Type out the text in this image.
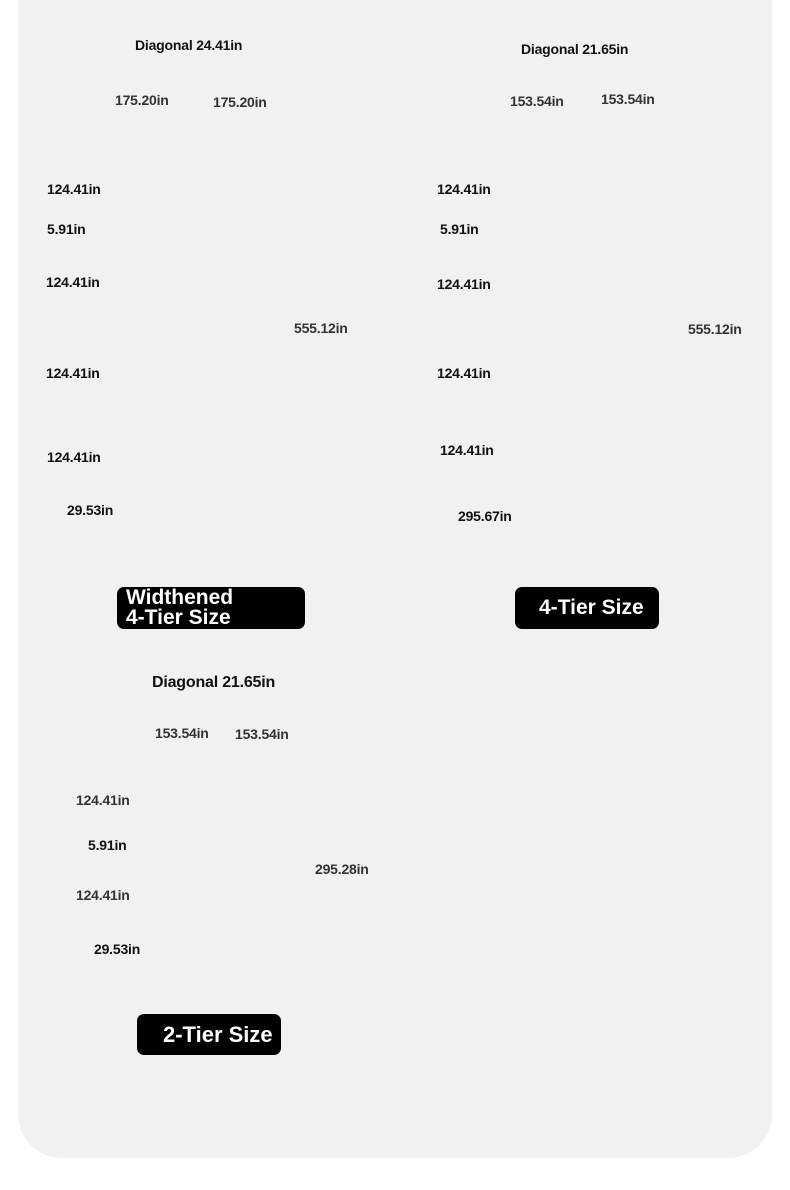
Diagonal 24.41in
175.20in	175.20in
124.41in
5.91in
124.41in
124.41in
124.41in
29.53in
555.12in
Widthened
4-Tier Size
Diagonal 21.65in
153.54in	153.54in
124.41in
5.91in
124.41in
124.41in
124.41in
295.67in
555.12in
4-Tier Size
Diagonal 21.65in
153.54in 153.54in
124.41in
5.91in
124.41in
29.53in
295.28in
2-Tier Size
